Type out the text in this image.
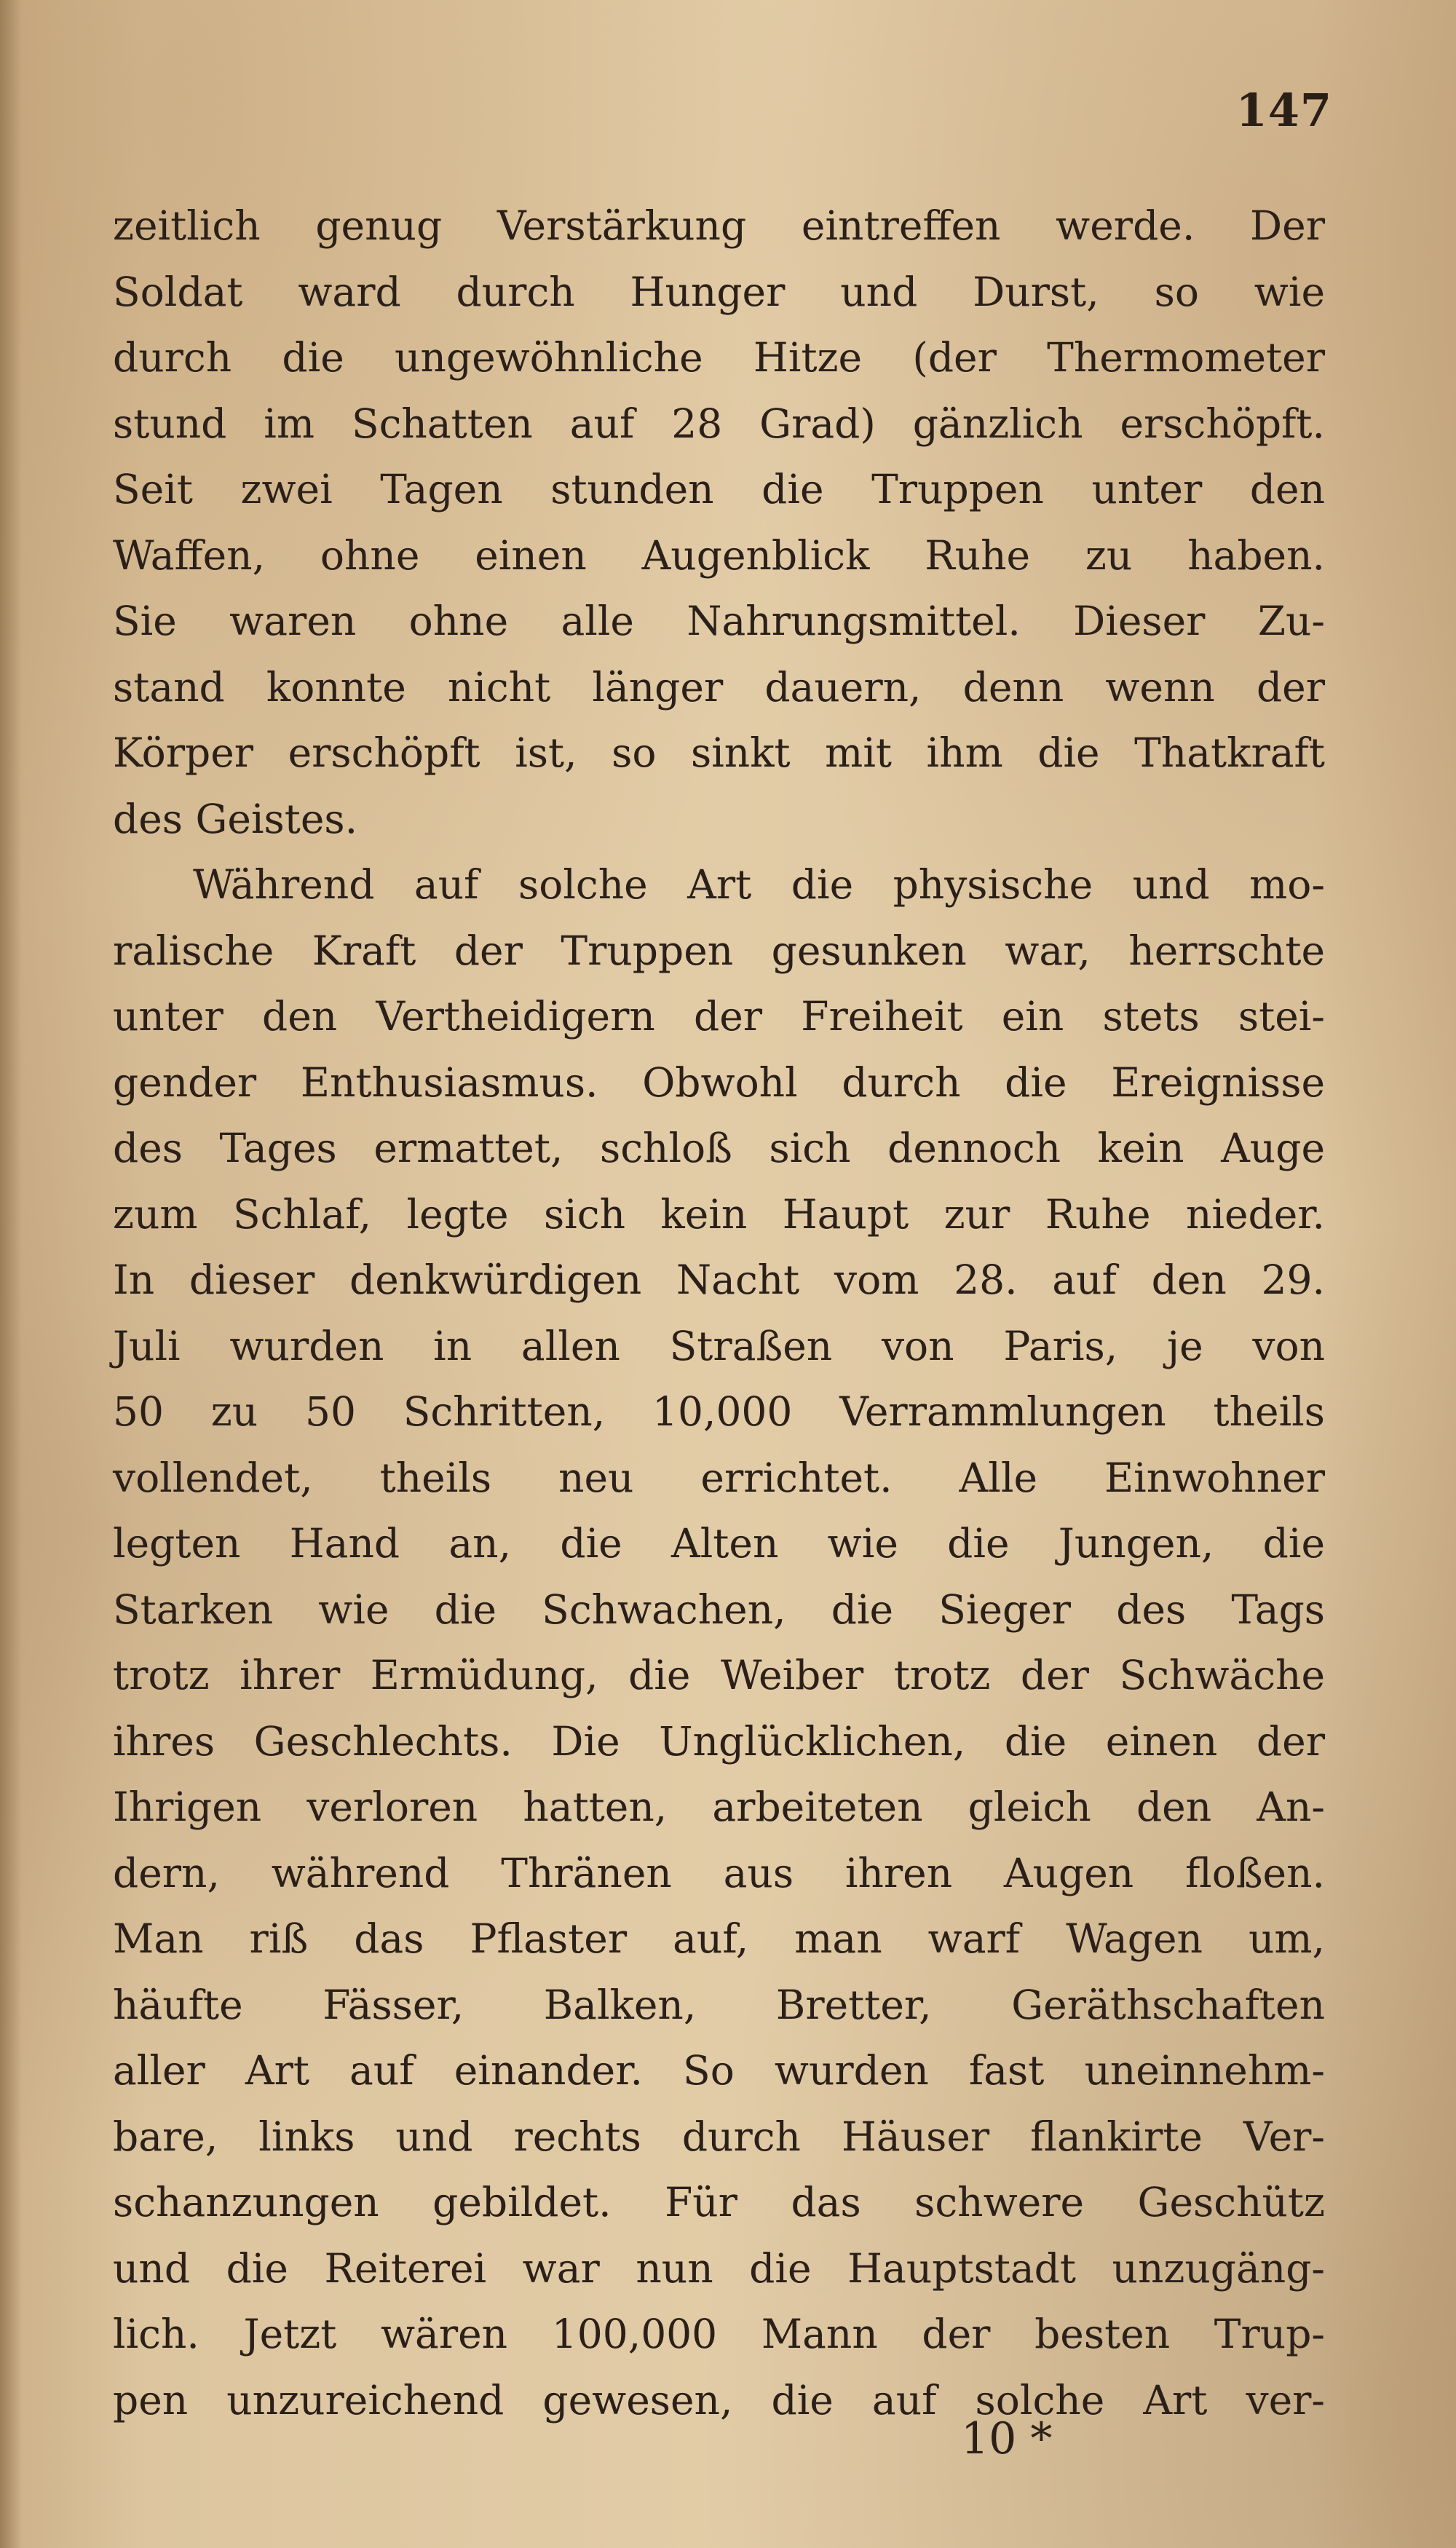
147
zeitlich genug Verstärkung eintreffen werde. Der
Soldat ward durch Hunger und Durst, so wie
durch die ungewöhnliche Hitze (der Thermometer
stund im Schatten auf 28 Grad) gänzlich erschöpft.
Seit zwei Tagen stunden die Truppen unter den
Waffen, ohne einen Augenblick Ruhe zu haben.
Sie waren ohne alle Nahrungsmittel. Dieser Zu-
stand konnte nicht länger dauern, denn wenn der
Körper erschöpft ist, so sinkt mit ihm die Thatkraft
des Geistes.
Während auf solche Art die physische und mo-
ralische Kraft der Truppen gesunken war, herrschte
unter den Vertheidigern der Freiheit ein stets stei-
gender Enthusiasmus. Obwohl durch die Ereignisse
des Tages ermattet, schloß sich dennoch kein Auge
zum Schlaf, legte sich kein Haupt zur Ruhe nieder.
In dieser denkwürdigen Nacht vom 28. auf den 29.
Juli wurden in allen Straßen von Paris, je von
50 zu 50 Schritten, 10,000 Verrammlungen theils
vollendet, theils neu errichtet. Alle Einwohner
legten Hand an, die Alten wie die Jungen, die
Starken wie die Schwachen, die Sieger des Tags
trotz ihrer Ermüdung, die Weiber trotz der Schwäche
ihres Geschlechts. Die Unglücklichen, die einen der
Ihrigen verloren hatten, arbeiteten gleich den An-
dern, während Thränen aus ihren Augen floßen.
Man riß das Pflaster auf, man warf Wagen um,
häufte Fässer, Balken, Bretter, Geräthschaften
aller Art auf einander. So wurden fast uneinnehm-
bare, links und rechts durch Häuser flankirte Ver-
schanzungen gebildet. Für das schwere Geschütz
und die Reiterei war nun die Hauptstadt unzugäng-
lich. Jetzt wären 100,000 Mann der besten Trup-
pen unzureichend gewesen, die auf solche Art ver-
10 *
